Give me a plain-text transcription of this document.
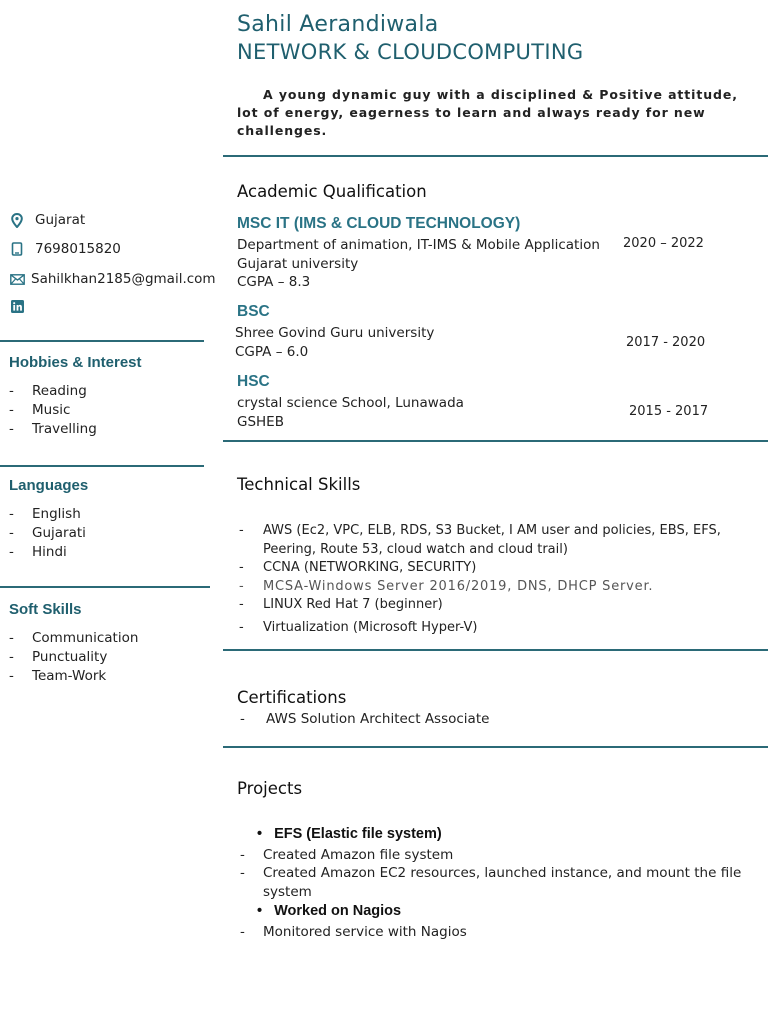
Sahil Aerandiwala
NETWORK & CLOUDCOMPUTING
A young dynamic guy with a disciplined & Positive attitude, lot of energy, eagerness to learn and always ready for new challenges.
Gujarat
7698015820
Sahilkhan2185@gmail.com
Hobbies & Interest
- Reading
- Music
- Travelling
Languages
- English
- Gujarati
- Hindi
Soft Skills
- Communication
- Punctuality
- Team-Work
Academic Qualification
MSC IT (IMS & CLOUD TECHNOLOGY)
Department of animation, IT-IMS & Mobile Application
Gujarat university
CGPA – 8.3
2020 – 2022
BSC
Shree Govind Guru university
CGPA – 6.0
2017 - 2020
HSC
crystal science School, Lunawada
GSHEB
2015 - 2017
Technical Skills
- AWS (Ec2, VPC, ELB, RDS, S3 Bucket, I AM user and policies, EBS, EFS, Peering, Route 53, cloud watch and cloud trail)
- CCNA (NETWORKING, SECURITY)
- MCSA-Windows Server 2016/2019, DNS, DHCP Server.
- LINUX Red Hat 7 (beginner)
- Virtualization (Microsoft Hyper-V)
Certifications
- AWS Solution Architect Associate
Projects
• EFS (Elastic file system)
- Created Amazon file system
- Created Amazon EC2 resources, launched instance, and mount the file system
• Worked on Nagios
- Monitored service with Nagios
